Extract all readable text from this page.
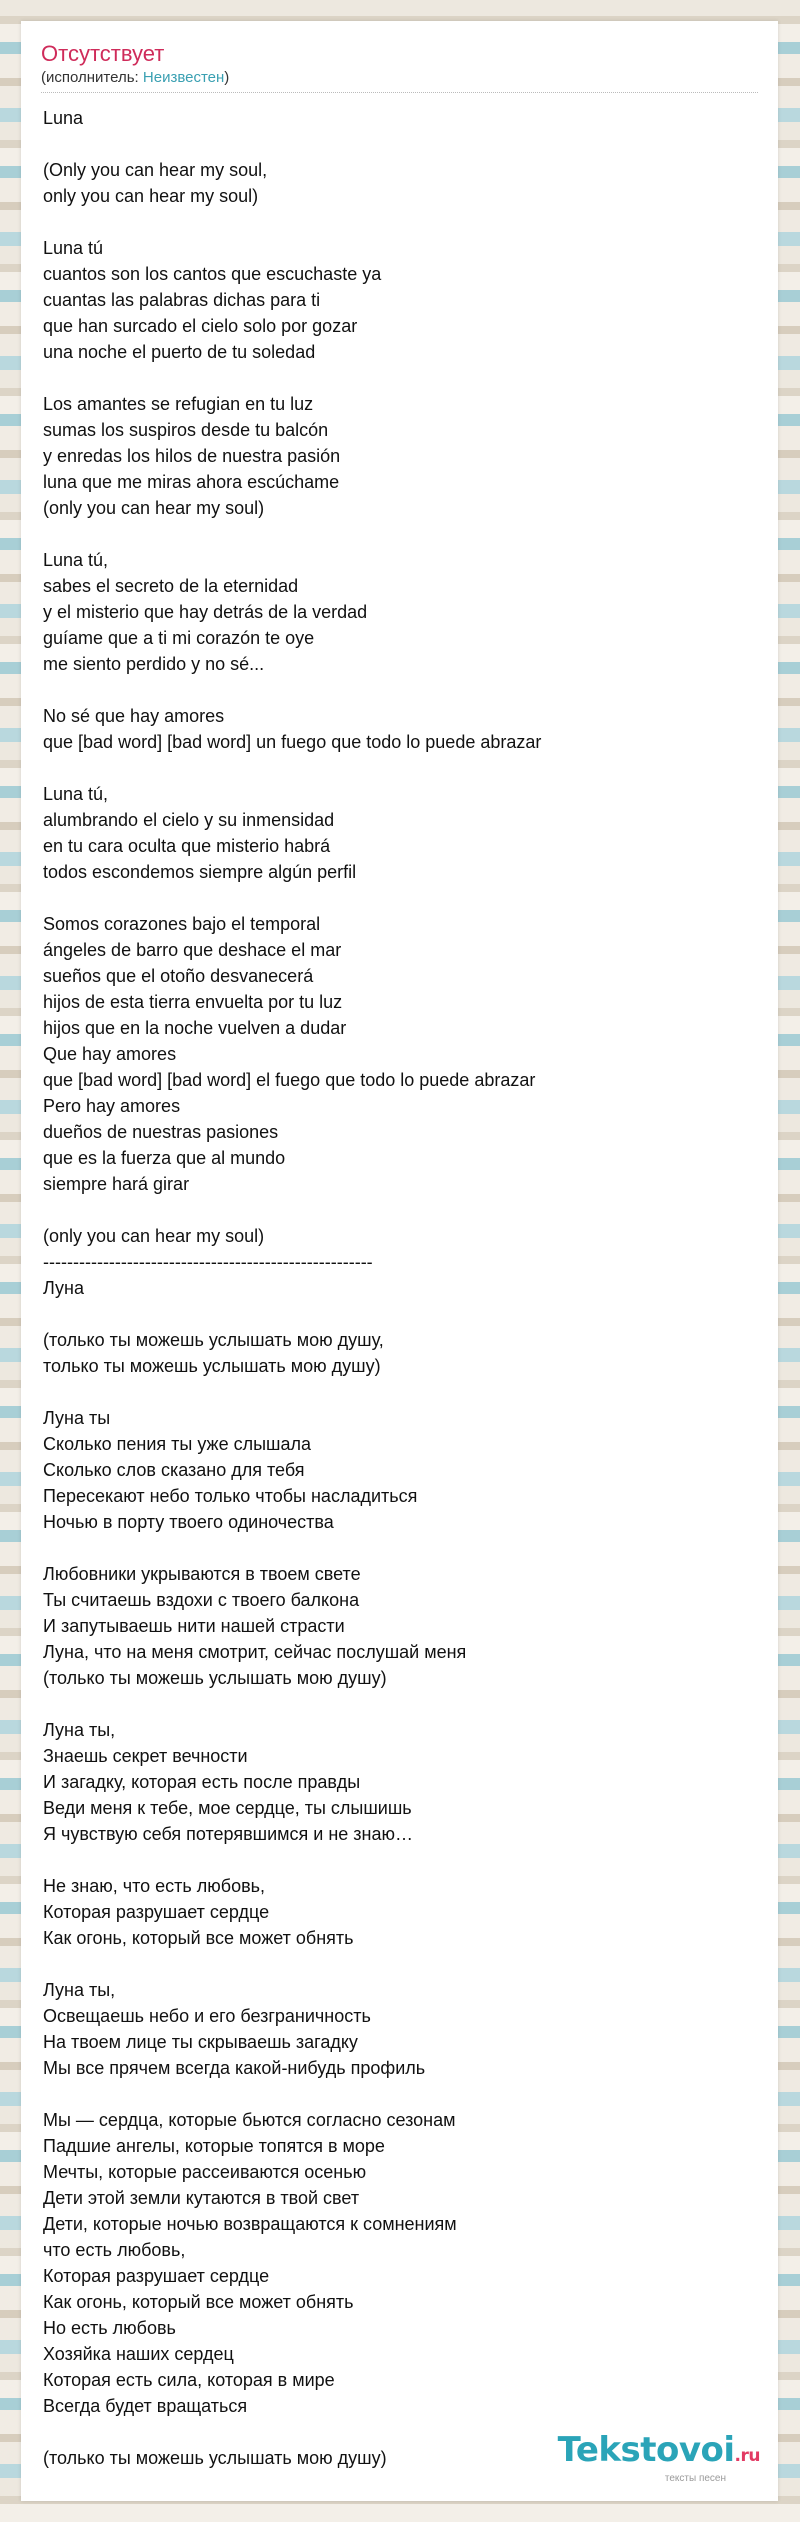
Отсутствует
(исполнитель: Неизвестен)
Luna

(Only you can hear my soul,
only you can hear my soul)

Luna tú
cuantos son los cantos que escuchaste ya
cuantas las palabras dichas para ti
que han surcado el cielo solo por gozar
una noche el puerto de tu soledad

Los amantes se refugian en tu luz
sumas los suspiros desde tu balcón
y enredas los hilos de nuestra pasión
luna que me miras ahora escúchame
(only you can hear my soul)

Luna tú,
sabes el secreto de la eternidad
y el misterio que hay detrás de la verdad
guíame que a ti mi corazón te oye
me siento perdido y no sé...

No sé que hay amores
que [bad word] [bad word] un fuego que todo lo puede abrazar

Luna tú,
alumbrando el cielo y su inmensidad
en tu cara oculta que misterio habrá
todos escondemos siempre algún perfil

Somos corazones bajo el temporal
ángeles de barro que deshace el mar
sueños que el otoño desvanecerá
hijos de esta tierra envuelta por tu luz
hijos que en la noche vuelven a dudar
Que hay amores
que [bad word] [bad word] el fuego que todo lo puede abrazar
Pero hay amores
dueños de nuestras pasiones
que es la fuerza que al mundo
siempre hará girar

(only you can hear my soul)
-------------------------------------------------------
Луна

(только ты можешь услышать мою душу,
только ты можешь услышать мою душу)

Луна ты
Сколько пения ты уже слышала
Сколько слов сказано для тебя
Пересекают небо только чтобы насладиться
Ночью в порту твоего одиночества

Любовники укрываются в твоем свете
Ты считаешь вздохи с твоего балкона
И запутываешь нити нашей страсти
Луна, что на меня смотрит, сейчас послушай меня
(только ты можешь услышать мою душу)

Луна ты,
Знаешь секрет вечности
И загадку, которая есть после правды
Веди меня к тебе, мое сердце, ты слышишь
Я чувствую себя потерявшимся и не знаю…

Не знаю, что есть любовь,
Которая разрушает сердце
Как огонь, который все может обнять

Луна ты,
Освещаешь небо и его безграничность
На твоем лице ты скрываешь загадку
Мы все прячем всегда какой-нибудь профиль

Мы — сердца, которые бьются согласно сезонам
Падшие ангелы, которые топятся в море
Мечты, которые рассеиваются осенью
Дети этой земли кутаются в твой свет
Дети, которые ночью возвращаются к сомнениям
что есть любовь,
Которая разрушает сердце
Как огонь, который все может обнять
Но есть любовь
Хозяйка наших сердец
Которая есть сила, которая в мире
Всегда будет вращаться

(только ты можешь услышать мою душу)	Tekstovoi.ru
тексты песен
